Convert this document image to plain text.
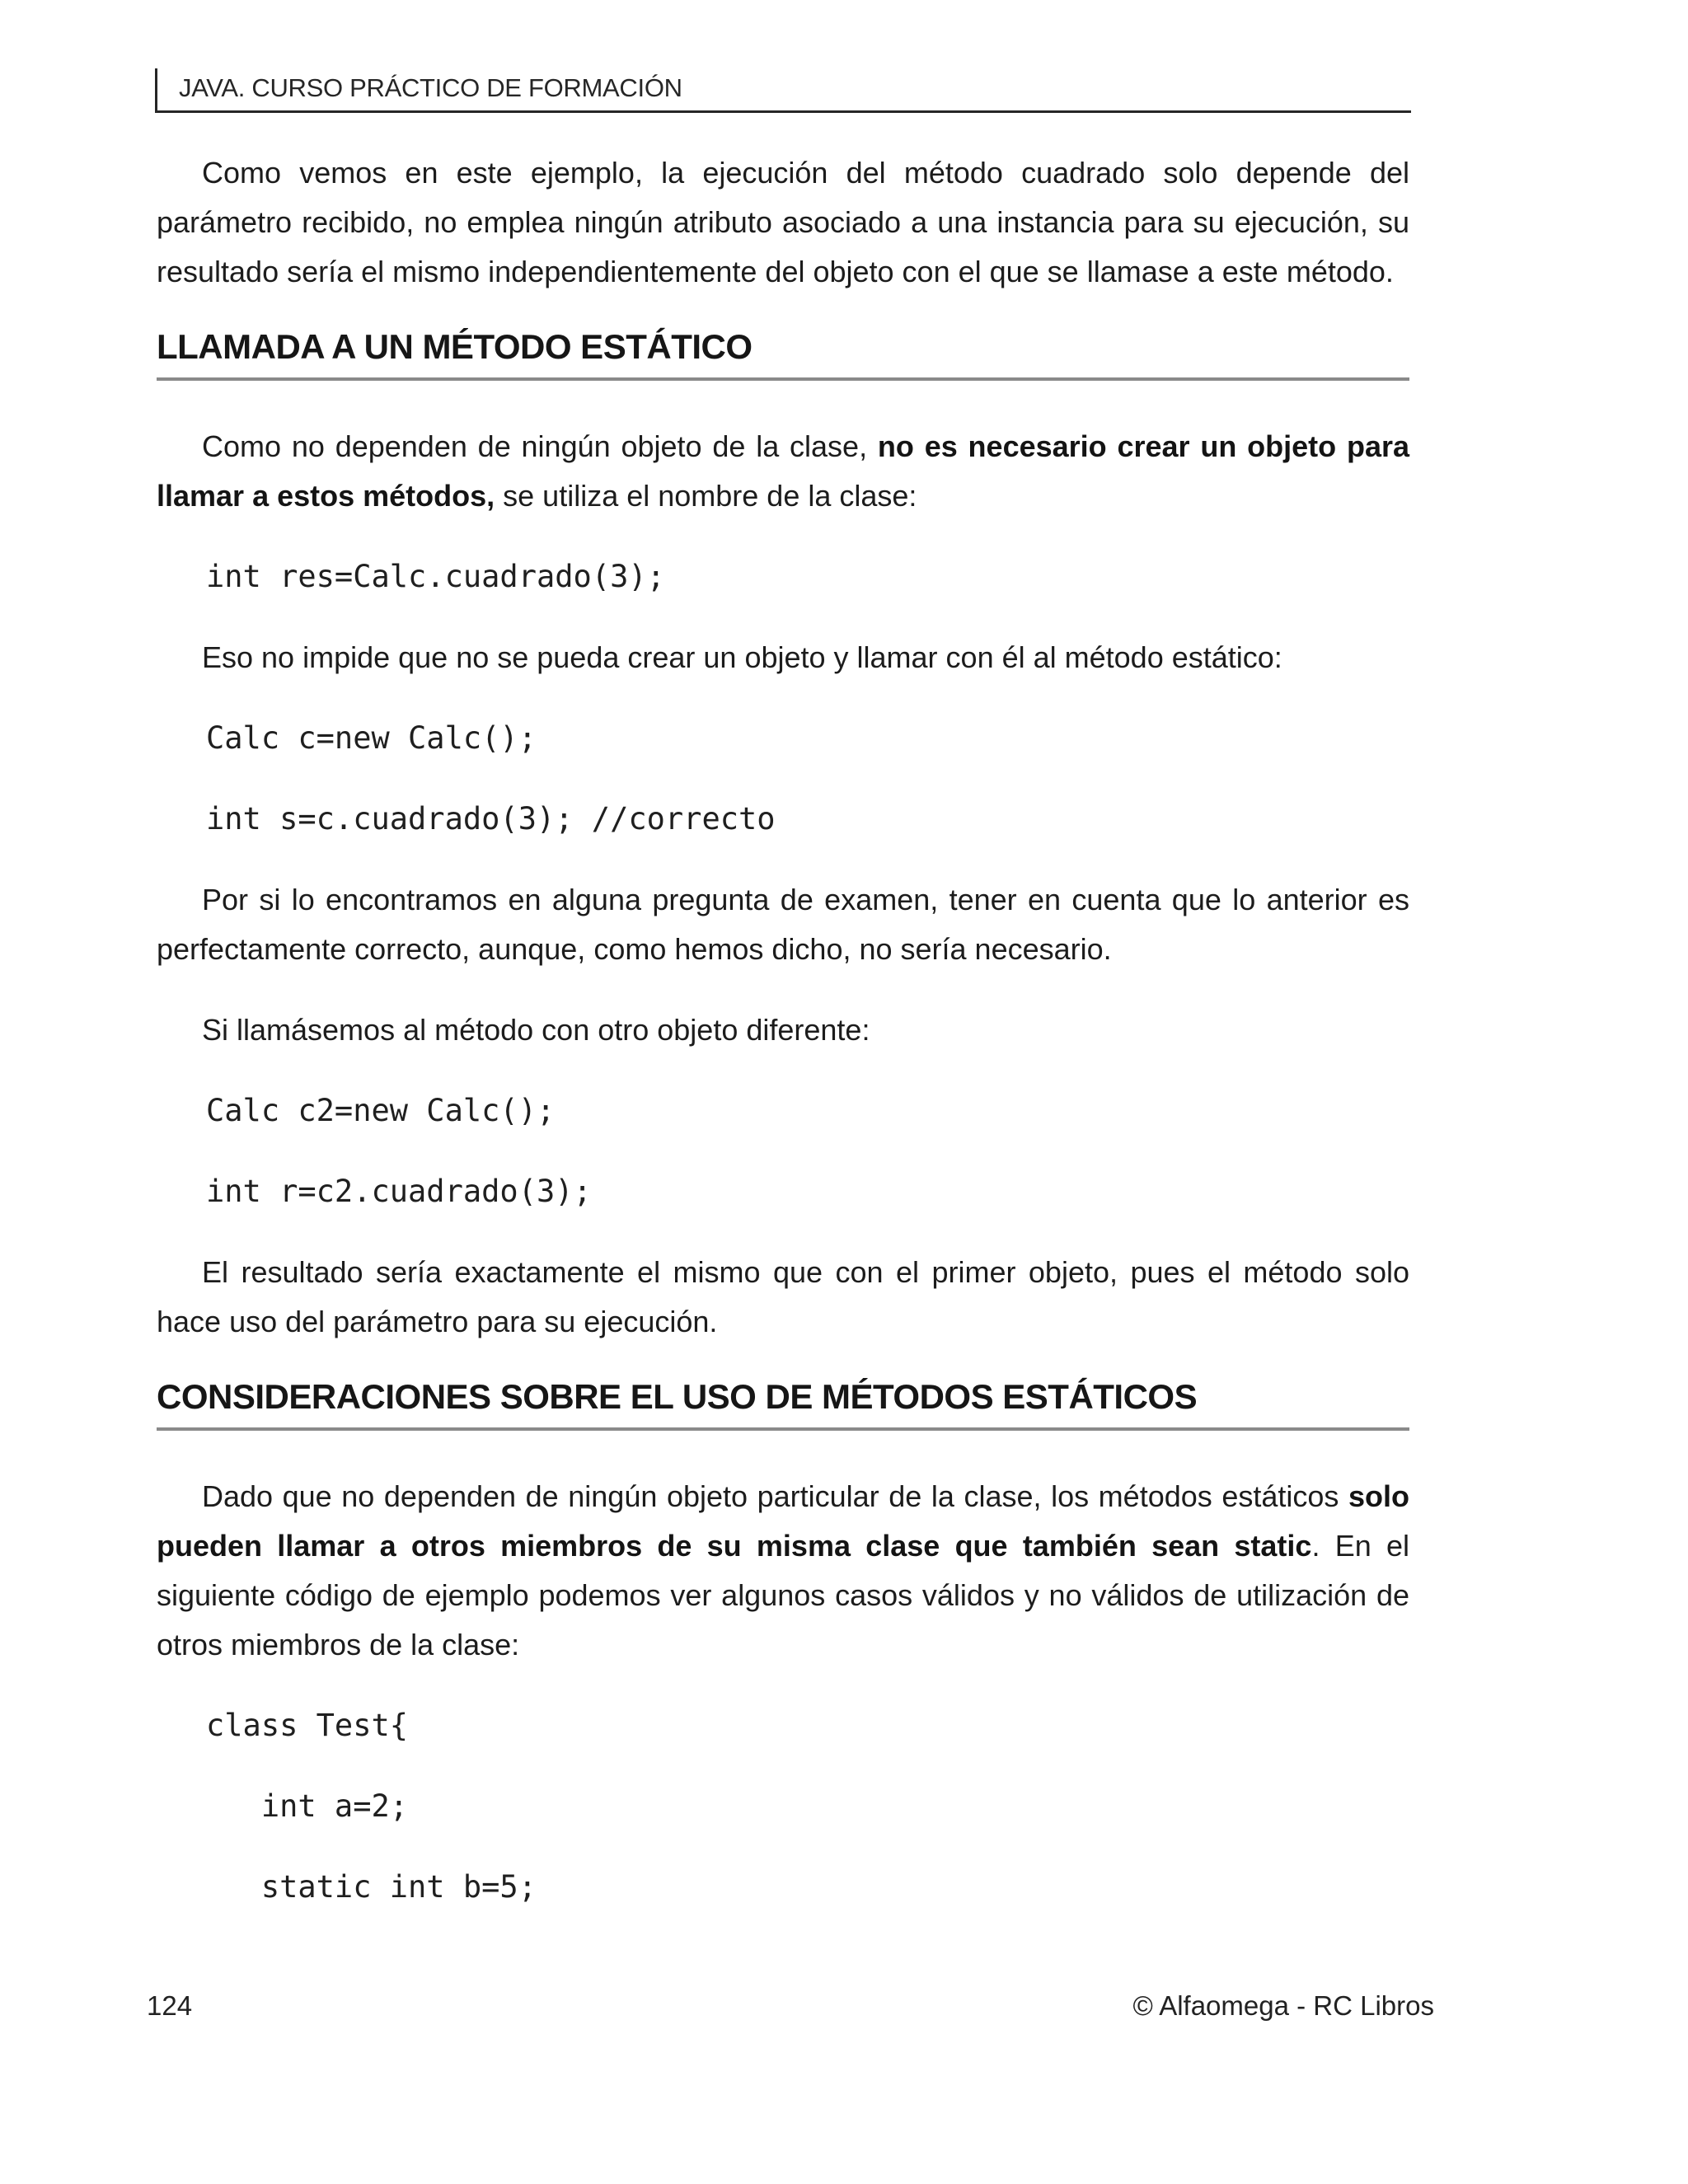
JAVA. CURSO PRÁCTICO DE FORMACIÓN

Como vemos en este ejemplo, la ejecución del método cuadrado solo depende del parámetro recibido, no emplea ningún atributo asociado a una instancia para su ejecución, su resultado sería el mismo independientemente del objeto con el que se llamase a este método.

LLAMADA A UN MÉTODO ESTÁTICO

Como no dependen de ningún objeto de la clase, no es necesario crear un objeto para llamar a estos métodos, se utiliza el nombre de la clase:

int res=Calc.cuadrado(3);

Eso no impide que no se pueda crear un objeto y llamar con él al método estático:

Calc c=new Calc();
int s=c.cuadrado(3); //correcto

Por si lo encontramos en alguna pregunta de examen, tener en cuenta que lo anterior es perfectamente correcto, aunque, como hemos dicho, no sería necesario.

Si llamásemos al método con otro objeto diferente:

Calc c2=new Calc();
int r=c2.cuadrado(3);

El resultado sería exactamente el mismo que con el primer objeto, pues el método solo hace uso del parámetro para su ejecución.

CONSIDERACIONES SOBRE EL USO DE MÉTODOS ESTÁTICOS

Dado que no dependen de ningún objeto particular de la clase, los métodos estáticos solo pueden llamar a otros miembros de su misma clase que también sean static. En el siguiente código de ejemplo podemos ver algunos casos válidos y no válidos de utilización de otros miembros de la clase:

class Test{
int a=2;
static int b=5;
124	© Alfaomega - RC Libros
